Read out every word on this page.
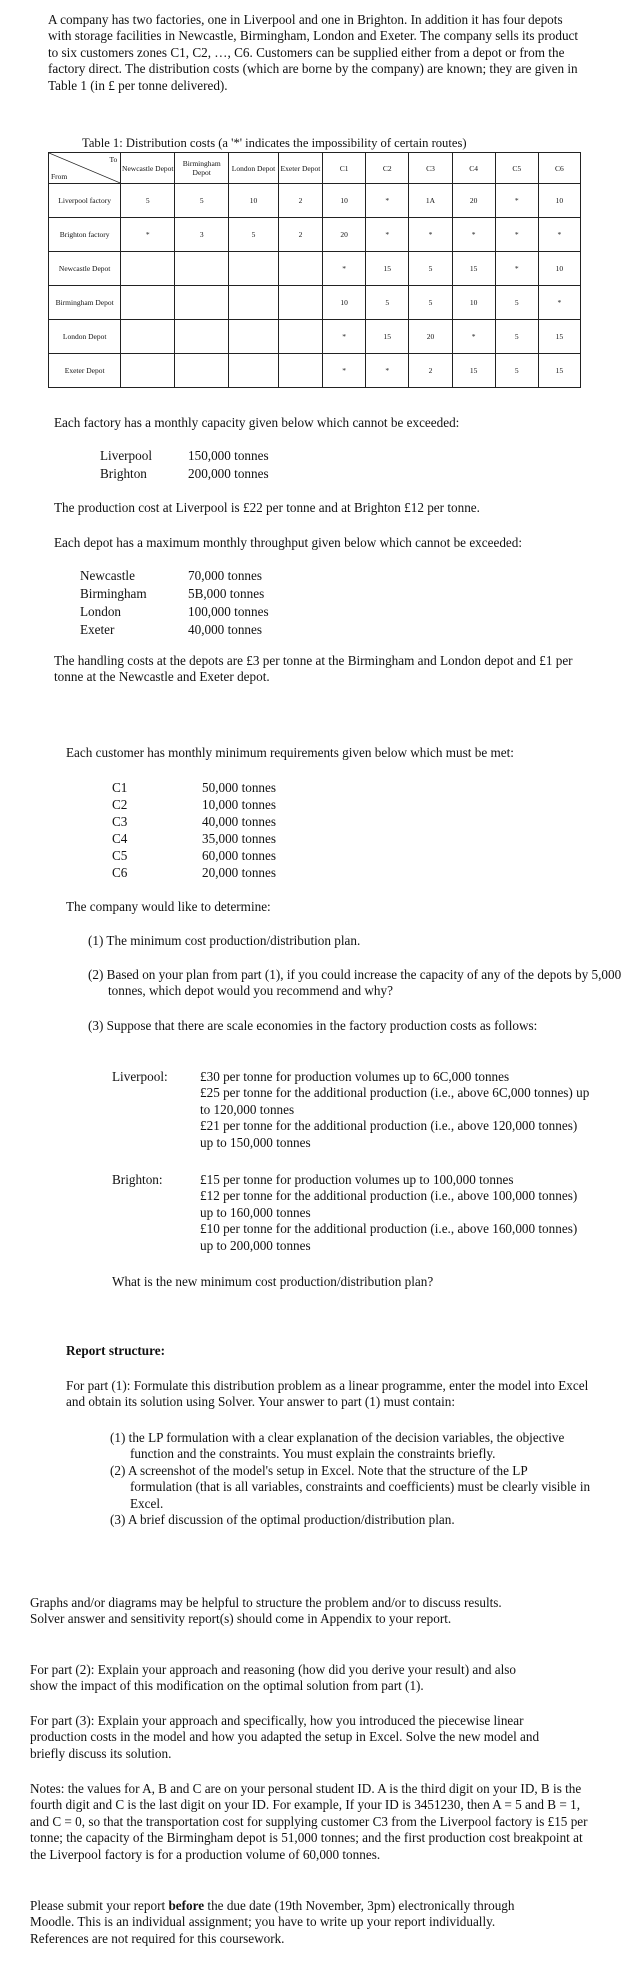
A company has two factories, one in Liverpool and one in Brighton. In addition it has four depots with storage facilities in Newcastle, Birmingham, London and Exeter. The company sells its product to six customers zones C1, C2, …, C6. Customers can be supplied either from a depot or from the factory direct. The distribution costs (which are borne by the company) are known; they are given in Table 1 (in £ per tonne delivered).

Table 1: Distribution costs (a '*' indicates the impossibility of certain routes)
To
From	Newcastle Depot	Birmingham Depot	London Depot	Exeter Depot	C1	C2	C3	C4	C5	C6
Liverpool factory	5	5	10	2	10	*	1A	20	*	10
Brighton factory	*	3	5	2	20	*	*	*	*	*
Newcastle Depot					*	15	5	15	*	10
Birmingham Depot					10	5	5	10	5	*
London Depot					*	15	20	*	5	15
Exeter Depot					*	*	2	15	5	15
Each factory has a monthly capacity given below which cannot be exceeded:
Liverpool	150,000 tonnes
Brighton	200,000 tonnes
The production cost at Liverpool is £22 per tonne and at Brighton £12 per tonne.
Each depot has a maximum monthly throughput given below which cannot be exceeded:
Newcastle	70,000 tonnes
Birmingham	5B,000 tonnes
London	100,000 tonnes
Exeter	40,000 tonnes
The handling costs at the depots are £3 per tonne at the Birmingham and London depot and £1 per tonne at the Newcastle and Exeter depot.
Each customer has monthly minimum requirements given below which must be met:
C1	50,000 tonnes
C2	10,000 tonnes
C3	40,000 tonnes
C4	35,000 tonnes
C5	60,000 tonnes
C6	20,000 tonnes
The company would like to determine:
(1) The minimum cost production/distribution plan.
(2) Based on your plan from part (1), if you could increase the capacity of any of the depots by 5,000 tonnes, which depot would you recommend and why?
(3) Suppose that there are scale economies in the factory production costs as follows:
Liverpool: £30 per tonne for production volumes up to 6C,000 tonnes
£25 per tonne for the additional production (i.e., above 6C,000 tonnes) up to 120,000 tonnes
£21 per tonne for the additional production (i.e., above 120,000 tonnes) up to 150,000 tonnes
Brighton:	£15 per tonne for production volumes up to 100,000 tonnes
£12 per tonne for the additional production (i.e., above 100,000 tonnes) up to 160,000 tonnes
£10 per tonne for the additional production (i.e., above 160,000 tonnes) up to 200,000 tonnes
What is the new minimum cost production/distribution plan?
Report structure:
For part (1): Formulate this distribution problem as a linear programme, enter the model into Excel and obtain its solution using Solver. Your answer to part (1) must contain:
(1) the LP formulation with a clear explanation of the decision variables, the objective function and the constraints. You must explain the constraints briefly.
(2) A screenshot of the model's setup in Excel. Note that the structure of the LP formulation (that is all variables, constraints and coefficients) must be clearly visible in Excel.
(3) A brief discussion of the optimal production/distribution plan.
Graphs and/or diagrams may be helpful to structure the problem and/or to discuss results. Solver answer and sensitivity report(s) should come in Appendix to your report.
For part (2): Explain your approach and reasoning (how did you derive your result) and also show the impact of this modification on the optimal solution from part (1).
For part (3): Explain your approach and specifically, how you introduced the piecewise linear production costs in the model and how you adapted the setup in Excel. Solve the new model and briefly discuss its solution.
Notes: the values for A, B and C are on your personal student ID. A is the third digit on your ID, B is the fourth digit and C is the last digit on your ID. For example, If your ID is 3451230, then A = 5 and B = 1, and C = 0, so that the transportation cost for supplying customer C3 from the Liverpool factory is £15 per tonne; the capacity of the Birmingham depot is 51,000 tonnes; and the first production cost breakpoint at the Liverpool factory is for a production volume of 60,000 tonnes.
Please submit your report before the due date (19th November, 3pm) electronically through Moodle. This is an individual assignment; you have to write up your report individually. References are not required for this coursework.
